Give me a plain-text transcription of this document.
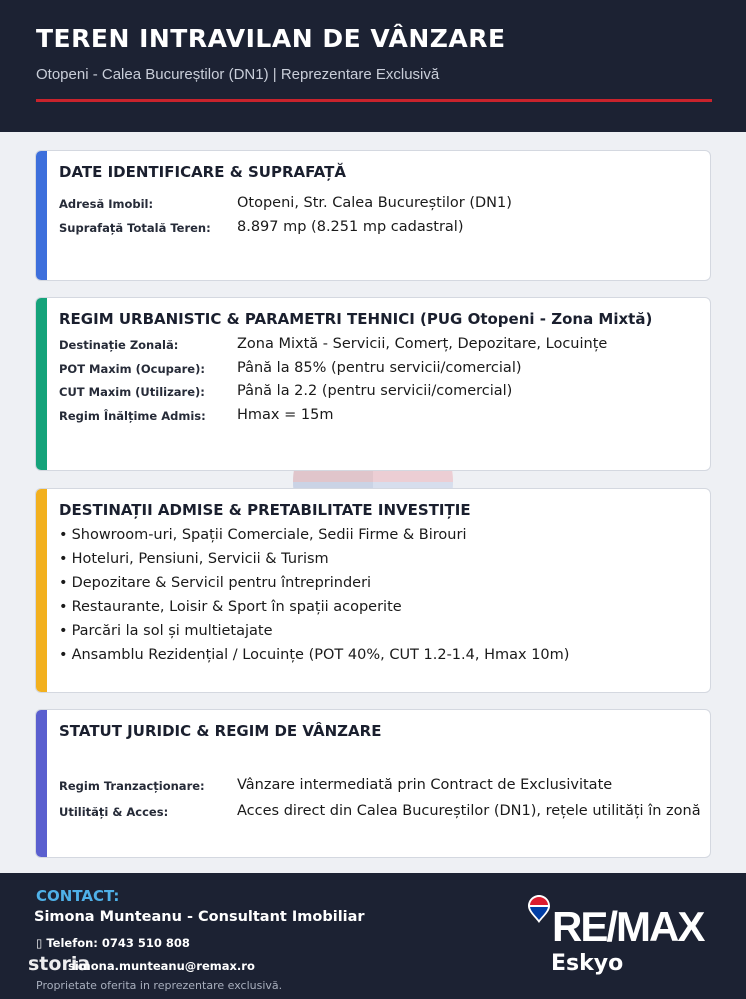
TEREN INTRAVILAN DE VÂNZARE
Otopeni - Calea Bucureștilor (DN1) | Reprezentare Exclusivă
DATE IDENTIFICARE & SUPRAFAȚĂ
Adresă Imobil:	Otopeni, Str. Calea Bucureștilor (DN1)
Suprafață Totală Teren: 8.897 mp (8.251 mp cadastral)
REGIM URBANISTIC & PARAMETRI TEHNICI (PUG Otopeni - Zona Mixtă)
Destinație Zonală:	Zona Mixtă - Servicii, Comerț, Depozitare, Locuințe
POT Maxim (Ocupare): Până la 85% (pentru servicii/comercial)
CUT Maxim (Utilizare): Până la 2.2 (pentru servicii/comercial)
Regim Înălțime Admis: Hmax = 15m
DESTINAȚII ADMISE & PRETABILITATE INVESTIȚIE
• Showroom-uri, Spații Comerciale, Sedii Firme & Birouri
• Hoteluri, Pensiuni, Servicii & Turism
• Depozitare & Servicil pentru întreprinderi
• Restaurante, Loisir & Sport în spații acoperite
• Parcări la sol și multietajate
• Ansamblu Rezidențial / Locuințe (POT 40%, CUT 1.2-1.4, Hmax 10m)
STATUT JURIDIC & REGIM DE VÂNZARE
Regim Tranzacționare: Vânzare intermediată prin Contract de Exclusivitate
Utilități & Acces:	Acces direct din Calea Bucureștilor (DN1), rețele utilități în zonă
CONTACT:
Simona Munteanu - Consultant Imobiliar
▯ Telefon: 0743 510 808
simona.munteanu@remax.ro
storia
Proprietate oferita in reprezentare exclusivă.
RE/MAX
Eskyo
